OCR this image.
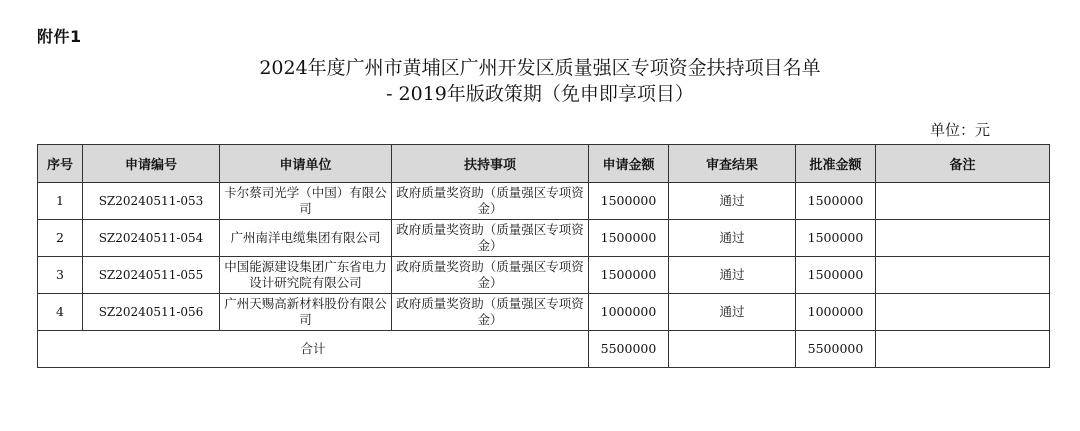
附件1
2024年度广州市黄埔区广州开发区质量强区专项资金扶持项目名单
- 2019年版政策期（免申即享项目）
单位：元
序号	申请编号	申请单位	扶持事项	申请金额	审查结果	批准金额	备注
1	SZ20240511-053	卡尔蔡司光学（中国）有限公司	政府质量奖资助（质量强区专项资金）	1500000	通过	1500000	
2	SZ20240511-054	广州南洋电缆集团有限公司	政府质量奖资助（质量强区专项资金）	1500000	通过	1500000	
3	SZ20240511-055	中国能源建设集团广东省电力设计研究院有限公司	政府质量奖资助（质量强区专项资金）	1500000	通过	1500000	
4	SZ20240511-056	广州天赐高新材料股份有限公司	政府质量奖资助（质量强区专项资金）	1000000	通过	1000000	
合计				5500000		5500000	
